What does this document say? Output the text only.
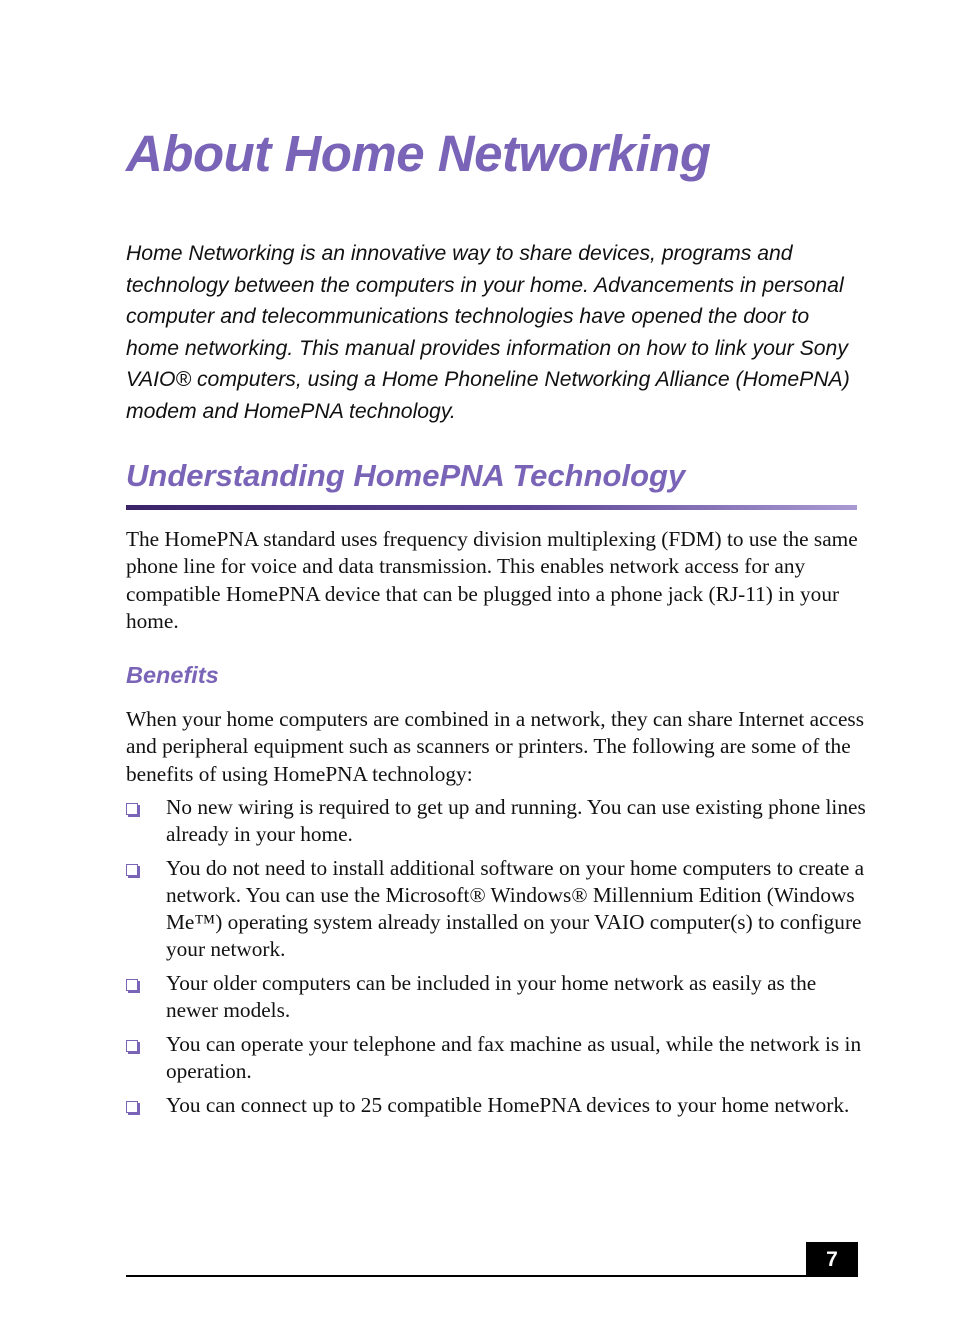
About Home Networking

Home Networking is an innovative way to share devices, programs and technology between the computers in your home. Advancements in personal computer and telecommunications technologies have opened the door to home networking. This manual provides information on how to link your Sony VAIO® computers, using a Home Phoneline Networking Alliance (HomePNA) modem and HomePNA technology.

Understanding HomePNA Technology

The HomePNA standard uses frequency division multiplexing (FDM) to use the same phone line for voice and data transmission. This enables network access for any compatible HomePNA device that can be plugged into a phone jack (RJ-11) in your home.

Benefits

When your home computers are combined in a network, they can share Internet access and peripheral equipment such as scanners or printers. The following are some of the benefits of using HomePNA technology:

No new wiring is required to get up and running. You can use existing phone lines already in your home.
You do not need to install additional software on your home computers to create a network. You can use the Microsoft® Windows® Millennium Edition (Windows Me™) operating system already installed on your VAIO computer(s) to configure your network.
Your older computers can be included in your home network as easily as the newer models.
You can operate your telephone and fax machine as usual, while the network is in operation.
You can connect up to 25 compatible HomePNA devices to your home network.
7
